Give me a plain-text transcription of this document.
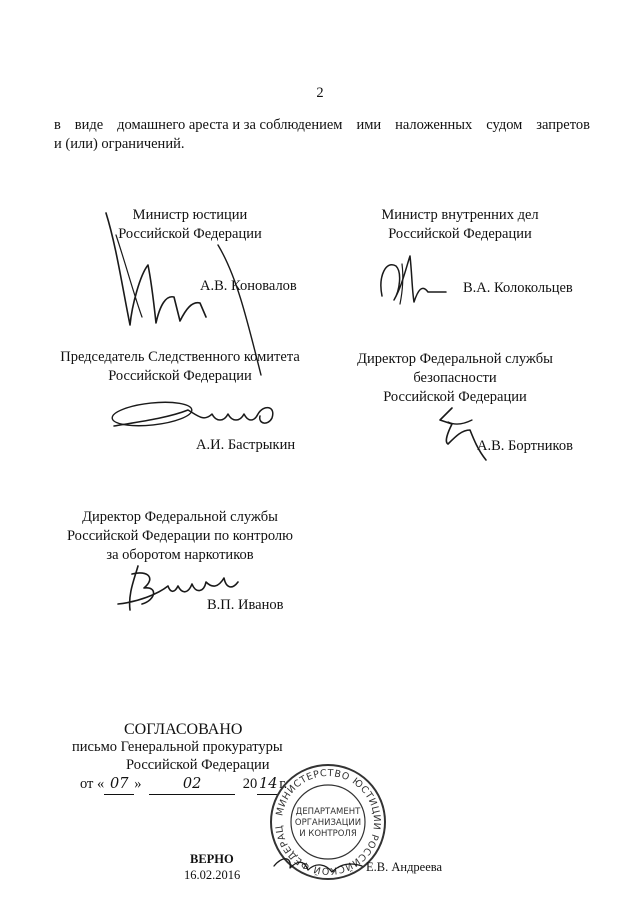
2
в виде домашнего ареста и за соблюдением ими наложенных судом запретов
и (или) ограничений.
Министр юстиции
Российской Федерации
А.В. Коновалов
Министр внутренних дел
Российской Федерации
В.А. Колокольцев
Председатель Следственного комитета
Российской Федерации
А.И. Бастрыкин
Директор Федеральной службы
безопасности
Российской Федерации
А.В. Бортников
Директор Федеральной службы
Российской Федерации по контролю
за оборотом наркотиков
В.П. Иванов
СОГЛАСОВАНО
письмо Генеральной прокуратуры
Российской Федерации
от « 07 »	02	20 14 г.
МИНИСТЕРСТВО ЮСТИЦИИ РОССИЙСКОЙ ФЕДЕРАЦ
ДЕПАРТАМЕНТ
ОРГАНИЗАЦИИ
И КОНТРОЛЯ
ВЕРНО
16.02.2016
Е.В. Андреева
